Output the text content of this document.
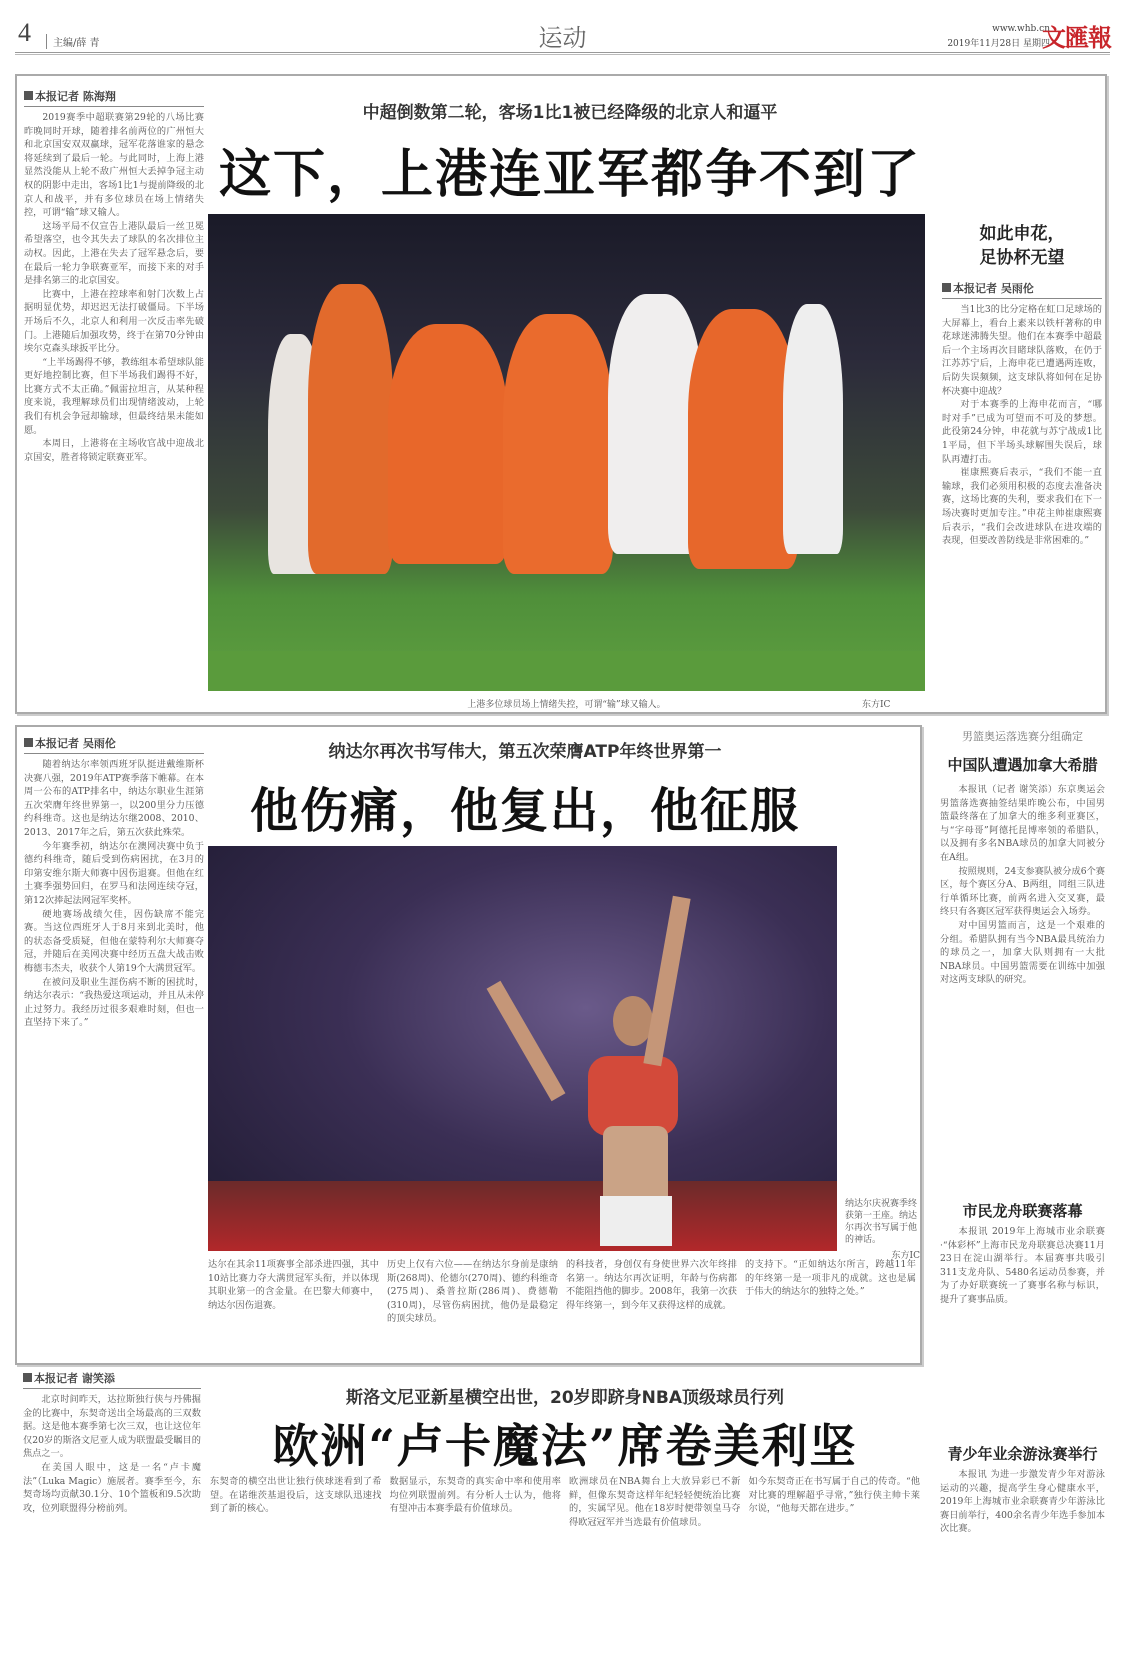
4	主编/薛 青	运动	www.whb.cn
2019年11月28日 星期四
文匯報
本报记者 陈海翔

2019赛季中超联赛第29轮的八场比赛昨晚同时开球，随着排名前两位的广州恒大和北京国安双双赢球，冠军花落谁家的悬念将延续到了最后一轮。与此同时，上海上港显然没能从上轮不敌广州恒大丢掉争冠主动权的阴影中走出，客场1比1与提前降级的北京人和战平，并有多位球员在场上情绪失控，可谓“输”球又输人。

这场平局不仅宣告上港队最后一丝卫冕希望落空，也令其失去了球队的名次排位主动权。因此，上港在失去了冠军悬念后，要在最后一轮力争联赛亚军，而接下来的对手是排名第三的北京国安。

比赛中，上港在控球率和射门次数上占据明显优势，却迟迟无法打破僵局。下半场开场后不久，北京人和利用一次反击率先破门。上港随后加强攻势，终于在第70分钟由埃尔克森头球扳平比分。

“上半场踢得不够，教练组本希望球队能更好地控制比赛，但下半场我们踢得不好，比赛方式不太正确。”佩雷拉坦言，从某种程度来说，我理解球员们出现情绪波动，上轮我们有机会争冠却输球，但最终结果未能如愿。

本周日，上港将在主场收官战中迎战北京国安，胜者将锁定联赛亚军。

中超倒数第二轮，客场1比1被已经降级的北京人和逼平
这下，上港连亚军都争不到了
上港多位球员场上情绪失控，可谓“输”球又输人。	东方IC
如此申花，
足协杯无望
本报记者 吴雨伦

当1比3的比分定格在虹口足球场的大屏幕上，看台上素来以铁杆著称的申花球迷沸腾失望。他们在本赛季中超最后一个主场再次目睹球队落败，在仍于江苏苏宁后，上海申花已遭遇两连败，后防失误频频，这支球队将如何在足协杯决赛中迎战？

对于本赛季的上海申花而言，“哪时对手”已成为可望而不可及的梦想。此役第24分钟，申花就与苏宁战成1比1平局，但下半场头球解围失误后，球队再遭打击。

崔康熙赛后表示，“我们不能一直输球，我们必须用积极的态度去准备决赛，这场比赛的失利，要求我们在下一场决赛时更加专注。”申花主帅崔康熙赛后表示，“我们会改进球队在进攻端的表现，但要改善防线是非常困难的。”

本报记者 吴雨伦

随着纳达尔率领西班牙队挺进戴维斯杯决赛八强，2019年ATP赛季落下帷幕。在本周一公布的ATP排名中，纳达尔职业生涯第五次荣膺年终世界第一，以200里分力压德约科维奇。这也是纳达尔继2008、2010、2013、2017年之后，第五次获此殊荣。

今年赛季初，纳达尔在澳网决赛中负于德约科维奇，随后受到伤病困扰，在3月的印第安维尔斯大师赛中因伤退赛。但他在红土赛季强势回归，在罗马和法网连续夺冠，第12次捧起法网冠军奖杯。

硬地赛场战绩欠佳，因伤缺席不能完赛。当这位西班牙人于8月来到北美时，他的状态备受质疑，但他在蒙特利尔大师赛夺冠，并随后在美网决赛中经历五盘大战击败梅德韦杰夫，收获个人第19个大满贯冠军。

在被问及职业生涯伤病不断的困扰时，纳达尔表示：“我热爱这项运动，并且从未停止过努力。我经历过很多艰难时刻，但也一直坚持下来了。”

纳达尔再次书写伟大，第五次荣膺ATP年终世界第一
他伤痛，他复出，他征服
纳达尔庆祝赛季终获第一王座。纳达尔再次书写属于他的神话。
东方IC
达尔在其余11项赛事全部杀进四强，其中10站比赛力夺大满贯冠军头衔，并以体现其职业第一的含金量。在巴黎大师赛中，纳达尔因伤退赛。
历史上仅有六位——在纳达尔身前是康纳斯(268周)、伦德尔(270周)、德约科维奇(275周)、桑普拉斯(286周)、费德勒(310周)，尽管伤病困扰，他仍是最稳定的顶尖球员。
的科技者，身创仅有身使世界六次年终排名第一。纳达尔再次证明，年龄与伤病都不能阻挡他的脚步。2008年，我第一次获得年终第一，到今年又获得这样的成就。
的支持下。“正如纳达尔所言，跨越11年的年终第一是一项非凡的成就。这也是属于伟大的纳达尔的独特之处。”
男篮奥运落选赛分组确定
中国队遭遇加拿大希腊

本报讯（记者 谢笑添）东京奥运会男篮落选赛抽签结果昨晚公布，中国男篮最终落在了加拿大的维多利亚赛区，与“字母哥”阿德托昆博率领的希腊队，以及拥有多名NBA球员的加拿大同被分在A组。

按照规则，24支参赛队被分成6个赛区，每个赛区分A、B两组，同组三队进行单循环比赛，前两名进入交叉赛，最终只有各赛区冠军获得奥运会入场券。

对中国男篮而言，这是一个艰难的分组。希腊队拥有当今NBA最具统治力的球员之一，加拿大队则拥有一大批NBA球员。中国男篮需要在训练中加强对这两支球队的研究。

市民龙舟联赛落幕

本报讯 2019年上海城市业余联赛·“体彩杯”上海市民龙舟联赛总决赛11月23日在淀山湖举行。本届赛事共吸引311支龙舟队、5480名运动员参赛，并为了办好联赛统一了赛事名称与标识，提升了赛事品质。

青少年业余游泳赛举行

本报讯 为进一步激发青少年对游泳运动的兴趣，提高学生身心健康水平，2019年上海城市业余联赛青少年游泳比赛日前举行，400余名青少年选手参加本次比赛。

本报记者 谢笑添

北京时间昨天，达拉斯独行侠与丹佛掘金的比赛中，东契奇送出全场最高的三双数据。这是他本赛季第七次三双，也让这位年仅20岁的斯洛文尼亚人成为联盟最受瞩目的焦点之一。

在美国人眼中，这是一名“卢卡魔法”（Luka Magic）施展者。赛季至今，东契奇场均贡献30.1分、10个篮板和9.5次助攻，位列联盟得分榜前列。

斯洛文尼亚新星横空出世，20岁即跻身NBA顶级球员行列
欧洲“卢卡魔法”席卷美利坚
东契奇的横空出世让独行侠球迷看到了希望。在诺维茨基退役后，这支球队迅速找到了新的核心。
数据显示，东契奇的真实命中率和使用率均位列联盟前列。有分析人士认为，他将有望冲击本赛季最有价值球员。
欧洲球员在NBA舞台上大放异彩已不新鲜，但像东契奇这样年纪轻轻便统治比赛的，实属罕见。他在18岁时便带领皇马夺得欧冠冠军并当选最有价值球员。
如今东契奇正在书写属于自己的传奇。“他对比赛的理解超乎寻常，”独行侠主帅卡莱尔说，“他每天都在进步。”
